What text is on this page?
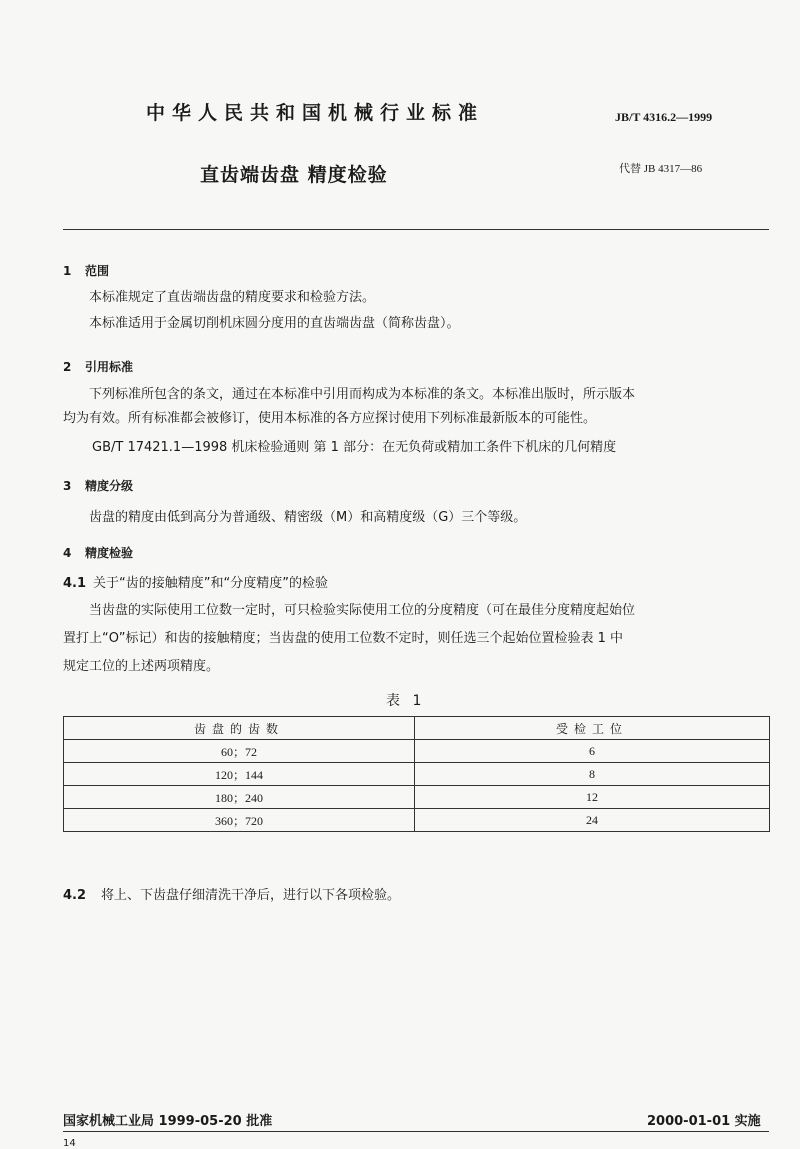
中华人民共和国机械行业标准	JB/T 4316.2—1999
直齿端齿盘 精度检验	代替 JB 4317—86
1 范围
本标准规定了直齿端齿盘的精度要求和检验方法。
本标准适用于金属切削机床圆分度用的直齿端齿盘（简称齿盘）。
2 引用标准
下列标准所包含的条文，通过在本标准中引用而构成为本标准的条文。本标准出版时，所示版本
均为有效。所有标准都会被修订，使用本标准的各方应探讨使用下列标准最新版本的可能性。
GB/T 17421.1—1998 机床检验通则 第 1 部分：在无负荷或精加工条件下机床的几何精度
3 精度分级
齿盘的精度由低到高分为普通级、精密级（M）和高精度级（G）三个等级。
4 精度检验
4.1 关于“齿的接触精度”和“分度精度”的检验
当齿盘的实际使用工位数一定时，可只检验实际使用工位的分度精度（可在最佳分度精度起始位
置打上“O”标记）和齿的接触精度；当齿盘的使用工位数不定时，则任选三个起始位置检验表 1 中
规定工位的上述两项精度。
表 1
齿盘的齿数	受检工位
60；72	6
120；144	8
180；240	12
360；720	24
4.2 将上、下齿盘仔细清洗干净后，进行以下各项检验。
国家机械工业局 1999-05-20 批准	2000-01-01 实施
14
